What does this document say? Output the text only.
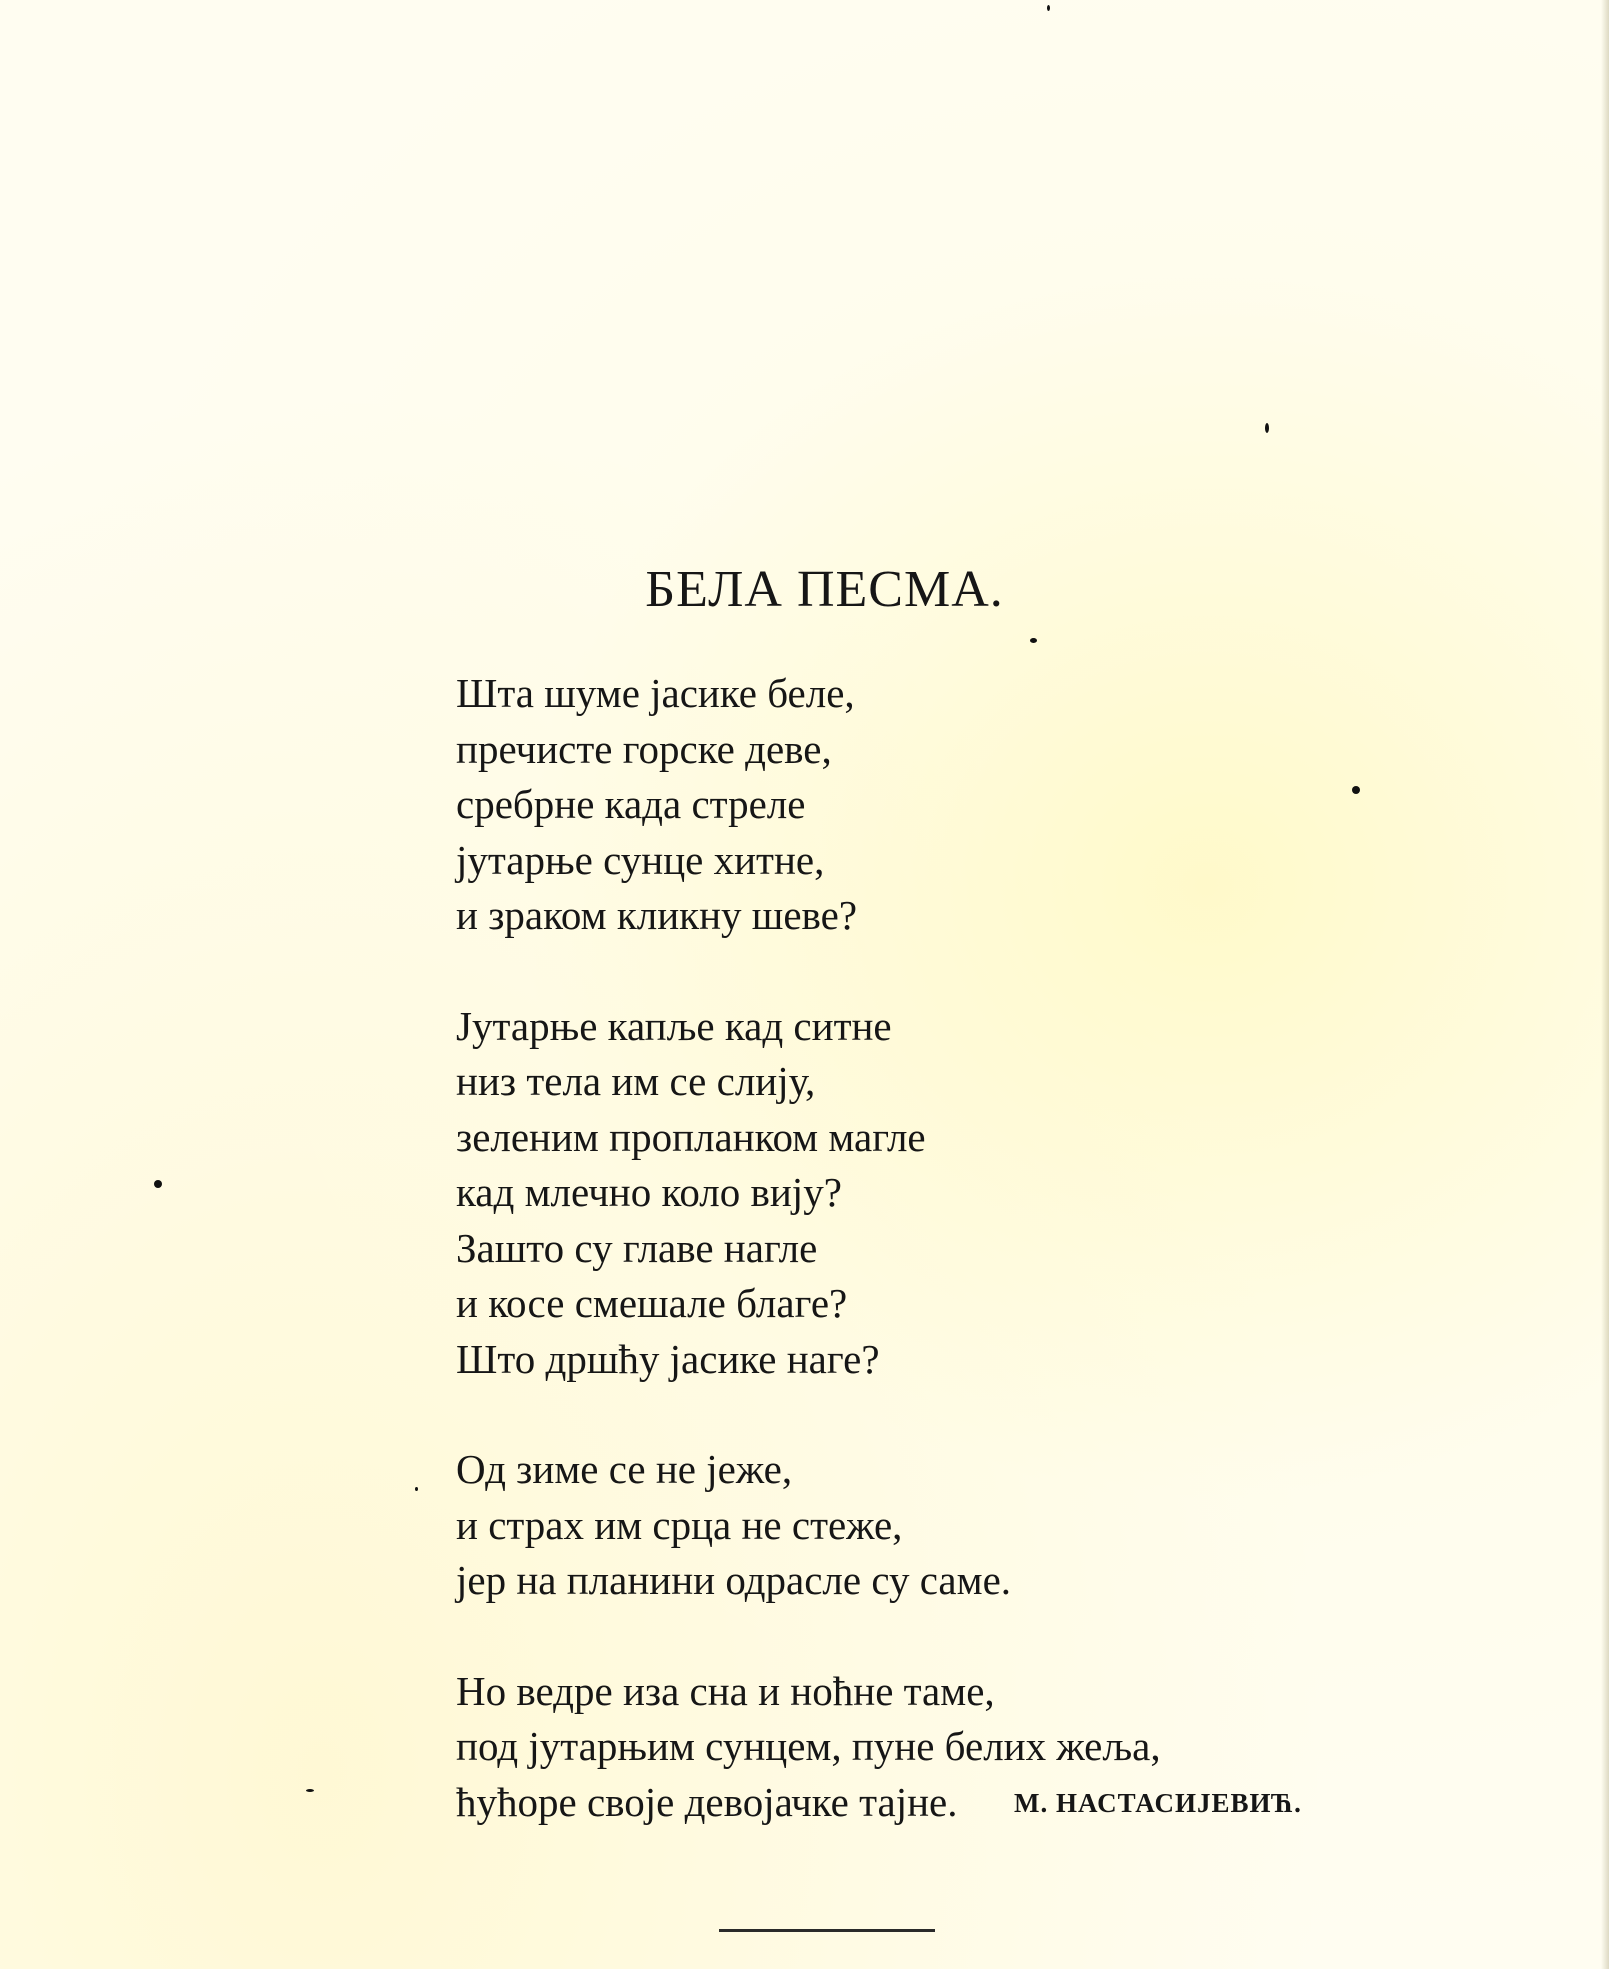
БЕЛА ПЕСМА.

Шта шуме јасике беле,
пречисте горске деве,
сребрне када стреле
јутарње сунце хитне,
и зраком кликну шеве?

Јутарње капље кад ситне
низ тела им се слију,
зеленим пропланком магле
кад млечно коло вију?
Зашто су главе нагле
и косе смешале благе?
Што дршћу јасике наге?

Од зиме се не јеже,
и страх им срца не стеже,
јер на планини одрасле су саме.

Но ведре иза сна и ноћне таме,
под јутарњим сунцем, пуне белих жеља,
ћућоре своје девојачке тајне.	М. НАСТАСИЈЕВИЋ.
